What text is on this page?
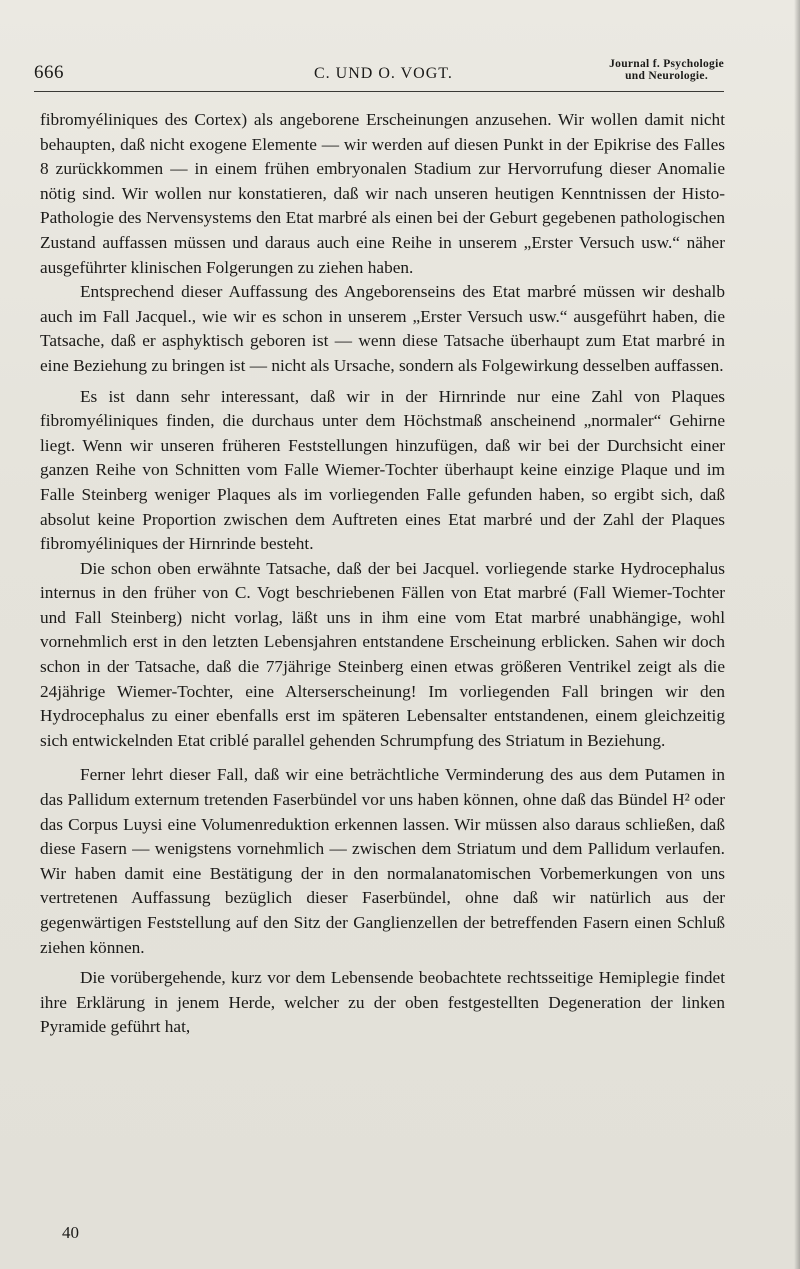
666	C. UND O. VOGT.
Journal f. Psychologie
und Neurologie.

fibromyéliniques des Cortex) als angeborene Erscheinungen anzusehen. Wir wollen damit nicht behaupten, daß nicht exogene Elemente — wir werden auf diesen Punkt in der Epikrise des Falles 8 zurückkommen — in einem frühen embryonalen Stadium zur Hervorrufung dieser Anomalie nötig sind. Wir wollen nur konstatieren, daß wir nach unseren heutigen Kenntnissen der Histo-Pathologie des Nervensystems den Etat marbré als einen bei der Geburt gegebenen pathologischen Zustand auffassen müssen und daraus auch eine Reihe in unserem „Erster Versuch usw.“ näher ausgeführter klinischen Folgerungen zu ziehen haben.

Entsprechend dieser Auffassung des Angeborenseins des Etat marbré müssen wir deshalb auch im Fall Jacquel., wie wir es schon in unserem „Erster Versuch usw.“ ausgeführt haben, die Tatsache, daß er asphyktisch geboren ist — wenn diese Tatsache überhaupt zum Etat marbré in eine Beziehung zu bringen ist — nicht als Ursache, sondern als Folgewirkung desselben auffassen.

Es ist dann sehr interessant, daß wir in der Hirnrinde nur eine Zahl von Plaques fibromyéliniques finden, die durchaus unter dem Höchstmaß anscheinend „normaler“ Gehirne liegt. Wenn wir unseren früheren Feststellungen hinzufügen, daß wir bei der Durchsicht einer ganzen Reihe von Schnitten vom Falle Wiemer-Tochter überhaupt keine einzige Plaque und im Falle Steinberg weniger Plaques als im vorliegenden Falle gefunden haben, so ergibt sich, daß absolut keine Proportion zwischen dem Auftreten eines Etat marbré und der Zahl der Plaques fibromyéliniques der Hirnrinde besteht.

Die schon oben erwähnte Tatsache, daß der bei Jacquel. vorliegende starke Hydrocephalus internus in den früher von C. Vogt beschriebenen Fällen von Etat marbré (Fall Wiemer-Tochter und Fall Steinberg) nicht vorlag, läßt uns in ihm eine vom Etat marbré unabhängige, wohl vornehmlich erst in den letzten Lebensjahren entstandene Erscheinung erblicken. Sahen wir doch schon in der Tatsache, daß die 77jährige Steinberg einen etwas größeren Ventrikel zeigt als die 24jährige Wiemer-Tochter, eine Alterserscheinung! Im vorliegenden Fall bringen wir den Hydrocephalus zu einer ebenfalls erst im späteren Lebensalter entstandenen, einem gleichzeitig sich entwickelnden Etat criblé parallel gehenden Schrumpfung des Striatum in Beziehung.

Ferner lehrt dieser Fall, daß wir eine beträchtliche Verminderung des aus dem Putamen in das Pallidum externum tretenden Faserbündel vor uns haben können, ohne daß das Bündel H² oder das Corpus Luysi eine Volumenreduktion erkennen lassen. Wir müssen also daraus schließen, daß diese Fasern — wenigstens vornehmlich — zwischen dem Striatum und dem Pallidum verlaufen. Wir haben damit eine Bestätigung der in den normalanatomischen Vorbemerkungen von uns vertretenen Auffassung bezüglich dieser Faserbündel, ohne daß wir natürlich aus der gegenwärtigen Feststellung auf den Sitz der Ganglienzellen der betreffenden Fasern einen Schluß ziehen können.

Die vorübergehende, kurz vor dem Lebensende beobachtete rechtsseitige Hemiplegie findet ihre Erklärung in jenem Herde, welcher zu der oben festgestellten Degeneration der linken Pyramide geführt hat,

40
